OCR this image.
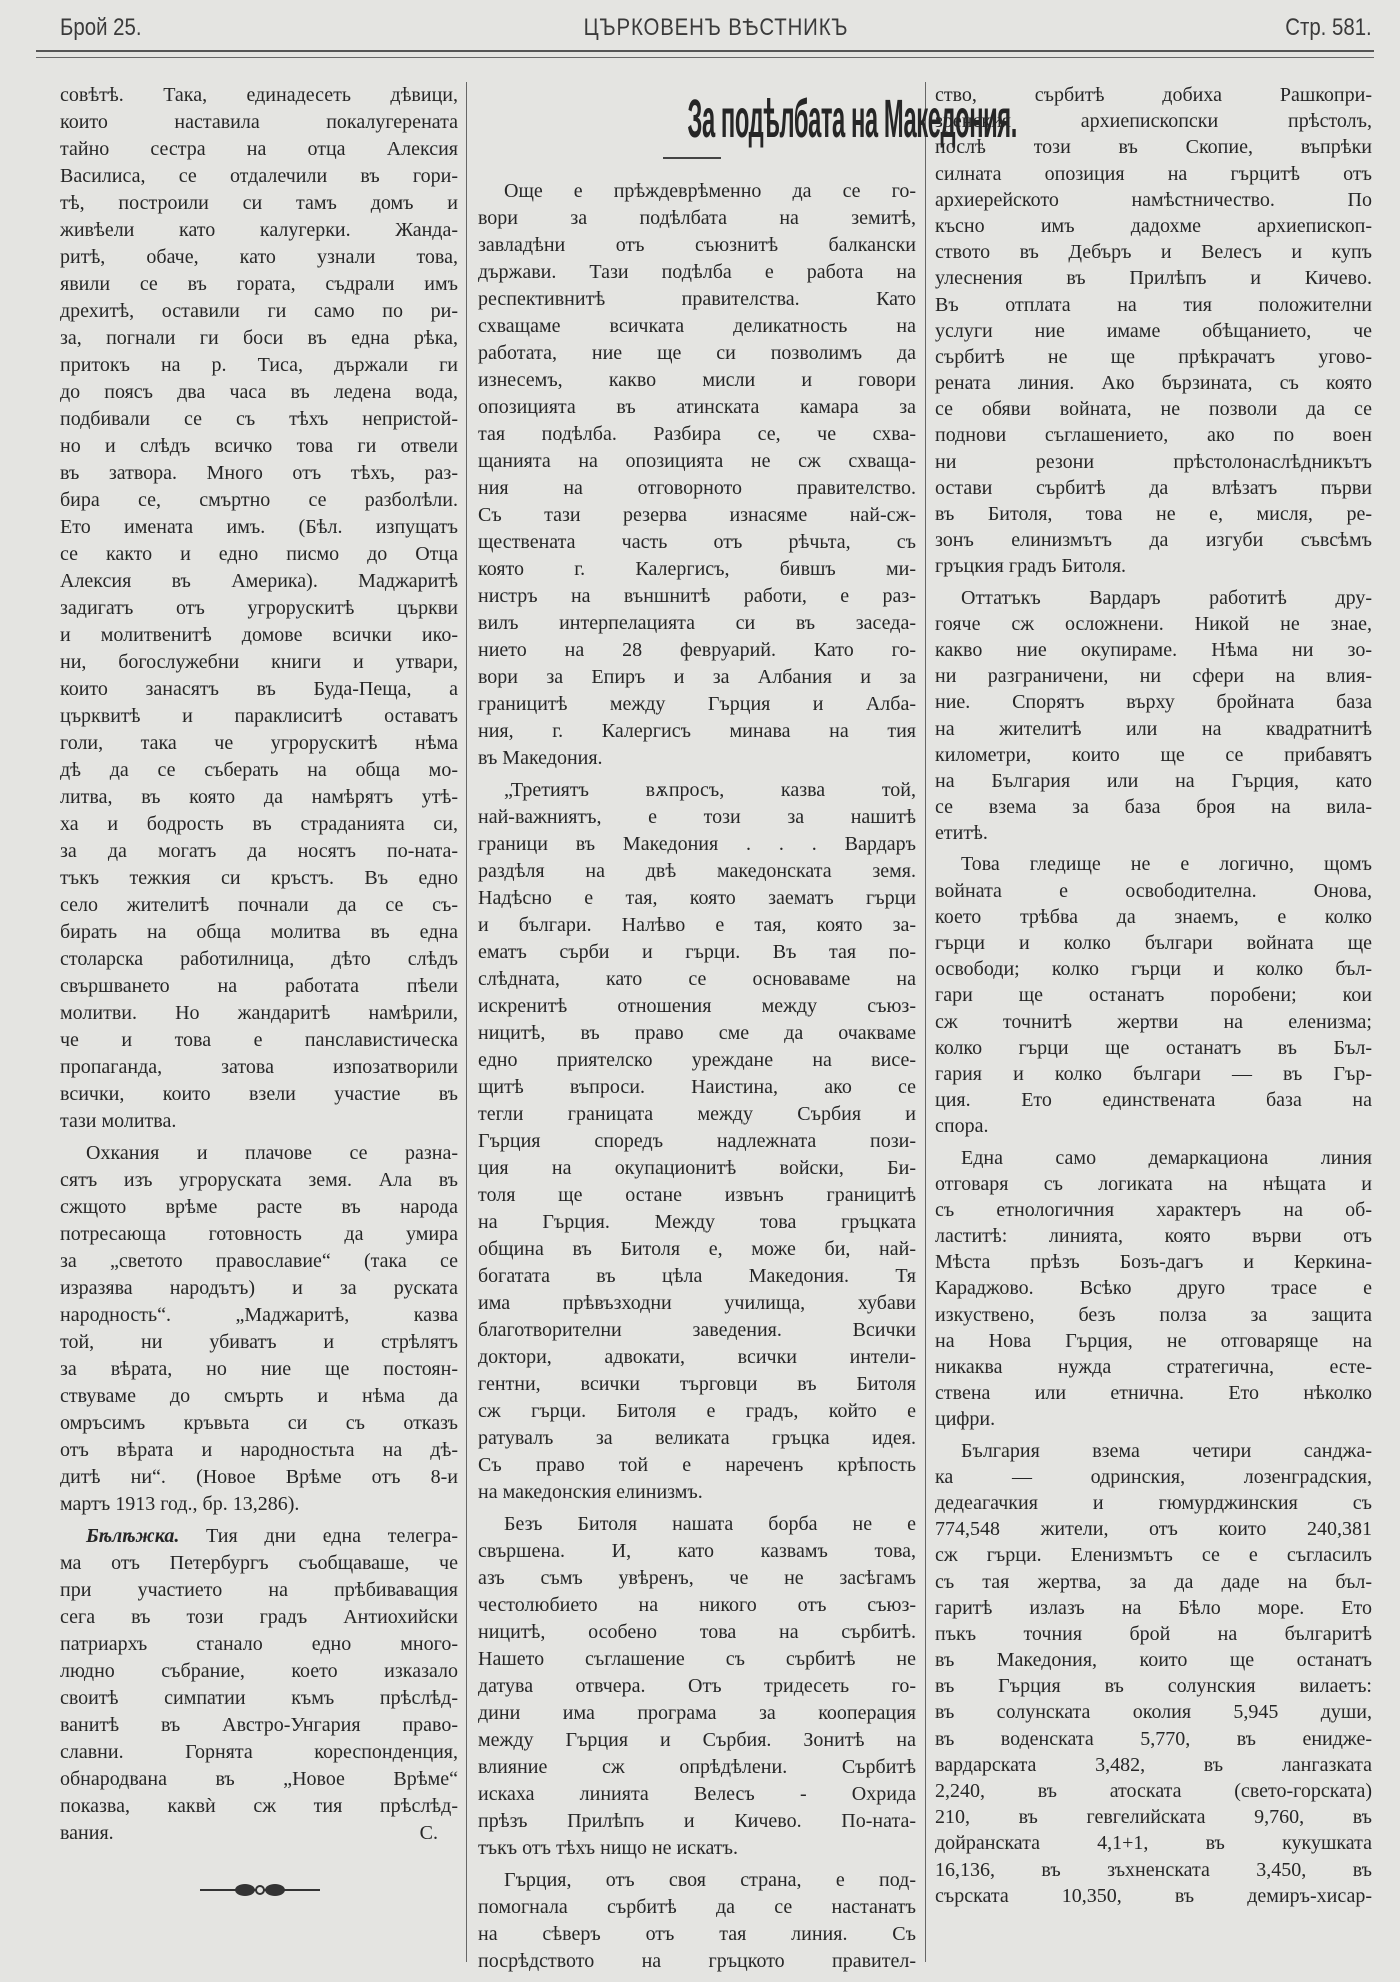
Брой 25.	ЦЪРКОВЕНЪ ВѢСТНИКЪ	Стр. 581.
совѣтѣ. Така, единадесеть дѣвици,
които наставила покалугерената
тайно сестра на отца Алексия
Василиса, се отдалечили въ гори-
тѣ, построили си тамъ домъ и
живѣели като калугерки. Жанда-
ритѣ, обаче, като узнали това,
явили се въ гората, съдрали имъ
дрехитѣ, оставили ги само по ри-
за, погнали ги боси въ една рѣка,
притокъ на р. Тиса, държали ги
до поясъ два часа въ ледена вода,
подбивали се съ тѣхъ непристой-
но и слѣдъ всичко това ги отвели
въ затвора. Много отъ тѣхъ, раз-
бира се, смъртно се разболѣли.
Ето имената имъ. (Бѣл. изпущатъ
се както и едно писмо до Отца
Алексия въ Америка). Маджаритѣ
задигатъ отъ угрорускитѣ църкви
и молитвенитѣ домове всички ико-
ни, богослужебни книги и утвари,
които занасятъ въ Буда-Пеща, а
църквитѣ и параклиситѣ оставатъ
голи, така че угрорускитѣ нѣма
дѣ да се съберать на обща мо-
литва, въ която да намѣрятъ утѣ-
ха и бодрость въ страданията си,
за да могатъ да носятъ по-ната-
тъкъ тежкия си кръстъ. Въ едно
село жителитѣ почнали да се съ-
бирать на обща молитва въ една
столарска работилница, дѣто слѣдъ
свършването на работата пѣели
молитви. Но жандаритѣ намѣрили,
че и това е панславистическа
пропаганда, затова изпозатворили
всички, които взели участие въ
тази молитва.
Охкания и плачове се разна-
сятъ изъ угроруската земя. Ала въ
сжщото врѣме расте въ народа
потресающа готовность да умира
за „светото православие“ (така се
изразява народътъ) и за руската
народность“. „Маджаритѣ, казва
той, ни убиватъ и стрѣлятъ
за вѣрата, но ние ще постоян-
ствуваме до смърть и нѣма да
омръсимъ кръвьта си съ отказъ
отъ вѣрата и народностьта на дѣ-
дитѣ ни“. (Новое Врѣме отъ 8-и
мартъ 1913 год., бр. 13,286).
Бѣлѣжка. Тия дни една телегра-
ма отъ Петербургъ съобщаваше, че
при участието на прѣбиваващия
сега въ този градъ Антиохийски
патриархъ станало едно много-
людно събрание, което изказало
своитѣ симпатии къмъ прѣслѣд-
ванитѣ въ Австро-Унгария право-
славни. Горнята кореспонденция,
обнародвана въ „Новое Врѣме“
показва, каквѝ сж тия прѣслѣд-
вания.	С.
За подѣлбата на Македония.
Още е прѣждеврѣменно да се го-
вори за подѣлбата на земитѣ,
завладѣни отъ съюзнитѣ балкански
държави. Тази подѣлба е работа на
респективнитѣ правителства. Като
схващаме всичката деликатность на
работата, ние ще си позволимъ да
изнесемъ, какво мисли и говори
опозицията въ атинската камара за
тая подѣлба. Разбира се, че схва-
щанията на опозицията не сж схваща-
ния на отговорното правителство.
Съ тази резерва изнасяме най-сж-
ществената часть отъ рѣчьта, съ
която г. Калергисъ, бившъ ми-
нистръ на външнитѣ работи, е раз-
вилъ интерпелацията си въ заседа-
нието на 28 февруарий. Като го-
вори за Епиръ и за Албания и за
границитѣ между Гърция и Алба-
ния, г. Калергисъ минава на тия
въ Македония.
„Третиятъ вѫпросъ, казва той,
най-важниятъ, е този за нашитѣ
граници въ Македония . . . Вардаръ
раздѣля на двѣ македонската земя.
Надѣсно е тая, която заематъ гърци
и българи. Налѣво е тая, която за-
ематъ сърби и гърци. Въ тая по-
слѣдната, като се основаваме на
искренитѣ отношения между съюз-
ницитѣ, въ право сме да очакваме
едно приятелско уреждане на висе-
щитѣ въпроси. Наистина, ако се
тегли границата между Сърбия и
Гърция споредъ надлежната пози-
ция на окупационитѣ войски, Би-
толя ще остане извънъ границитѣ
на Гърция. Между това гръцката
община въ Битоля е, може би, най-
богатата въ цѣла Македония. Тя
има прѣвъзходни училища, хубави
благотворителни заведения. Всички
доктори, адвокати, всички интели-
гентни, всички търговци въ Битоля
сж гърци. Битоля е градъ, който е
ратувалъ за великата гръцка идея.
Съ право той е нареченъ крѣпость
на македонския елинизмъ.
Безъ Битоля нашата борба не е
свършена. И, като казвамъ това,
азъ съмъ увѣренъ, че не засѣгамъ
честолюбието на никого отъ съюз-
ницитѣ, особено това на сърбитѣ.
Нашето съглашение съ сърбитѣ не
датува отвчера. Отъ тридесеть го-
дини има програма за кооперация
между Гърция и Сърбия. Зонитѣ на
влияние сж опрѣдѣлени. Сърбитѣ
искаха линията Велесъ - Охрида
прѣзъ Прилѣпъ и Кичево. По-ната-
тъкъ отъ тѣхъ нищо не искатъ.
Гърция, отъ своя страна, е под-
помогнала сърбитѣ да се настанатъ
на сѣверъ отъ тая линия. Съ
посрѣдството на гръцкото правител-
ство, сърбитѣ добиха Рашкопри-
зренския архиепископски прѣстолъ,
послѣ този въ Скопие, въпрѣки
силната опозиция на гърцитѣ отъ
архиерейското намѣстничество. По
късно имъ дадохме архиепископ-
ството въ Дебъръ и Велесъ и купъ
улеснения въ Прилѣпъ и Кичево.
Въ отплата на тия положителни
услуги ние имаме обѣщанието, че
сърбитѣ не ще прѣкрачатъ угово-
рената линия. Ако бързината, съ която
се обяви войната, не позволи да се
поднови съглашението, ако по воен
ни резони прѣстолонаслѣдникътъ
остави сърбитѣ да влѣзатъ първи
въ Битоля, това не е, мисля, ре-
зонъ елинизмътъ да изгуби съвсѣмъ
гръцкия градъ Битоля.
Оттатъкъ Вардаръ работитѣ дру-
гояче сж осложнени. Никой не знае,
какво ние окупираме. Нѣма ни зо-
ни разграничени, ни сфери на влия-
ние. Спорятъ върху бройната база
на жителитѣ или на квадратнитѣ
километри, които ще се прибавятъ
на България или на Гърция, като
се взема за база броя на вила-
етитѣ.
Това гледище не е логично, щомъ
войната е освободителна. Онова,
което трѣбва да знаемъ, е колко
гърци и колко българи войната ще
освободи; колко гърци и колко бъл-
гари ще останатъ поробени; кои
сж точнитѣ жертви на еленизма;
колко гърци ще останатъ въ Бъл-
гария и колко българи — въ Гър-
ция. Ето единствената база на
спора.
Една само демаркациона линия
отговаря съ логиката на нѣщата и
съ етнологичния характеръ на об-
ластитѣ: линията, която върви отъ
Мѣста прѣзъ Бозъ-дагъ и Керкина-
Караджово. Всѣко друго трасе е
изкуствено, безъ полза за защита
на Нова Гърция, не отговаряще на
никаква нужда стратегична, есте-
ствена или етнична. Ето нѣколко
цифри.
България взема четири санджа-
ка — одринския, лозенградския,
дедеагачкия и гюмурджинския съ
774,548 жители, отъ които 240,381
сж гърци. Еленизмътъ се е съгласилъ
съ тая жертва, за да даде на бъл-
гаритѣ излазъ на Бѣло море. Ето
пъкъ точния брой на българитѣ
въ Македония, които ще останатъ
въ Гърция въ солунския вилаетъ:
въ солунската околия 5,945 души,
въ воденската 5,770, въ енидже-
вардарската 3,482, въ лангазката
2,240, въ атоската (свето-горската)
210, въ гевгелийската 9,760, въ
дойранската 4,1+1, въ кукушката
16,136, въ зъхненската 3,450, въ
сърската 10,350, въ демиръ-хисар-
